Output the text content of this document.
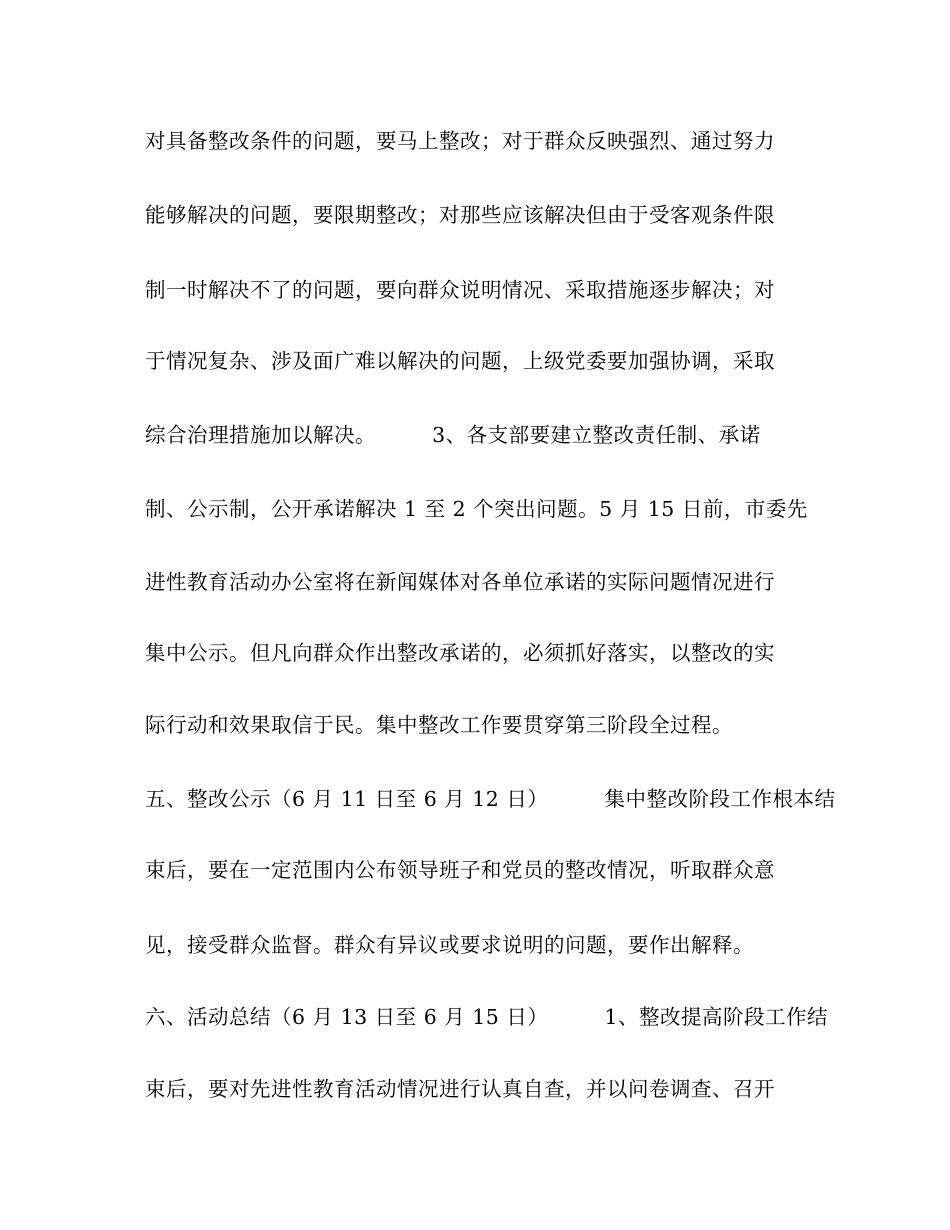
对具备整改条件的问题，要马上整改；对于群众反映强烈、通过努力
能够解决的问题，要限期整改；对那些应该解决但由于受客观条件限
制一时解决不了的问题，要向群众说明情况、采取措施逐步解决；对
于情况复杂、涉及面广难以解决的问题，上级党委要加强协调，采取
综合治理措施加以解决。        3、各支部要建立整改责任制、承诺
制、公示制，公开承诺解决 1 至 2 个突出问题。5 月 15 日前，市委先
进性教育活动办公室将在新闻媒体对各单位承诺的实际问题情况进行
集中公示。但凡向群众作出整改承诺的，必须抓好落实，以整改的实
际行动和效果取信于民。集中整改工作要贯穿第三阶段全过程。
五、整改公示（6 月 11 日至 6 月 12 日）        集中整改阶段工作根本结
束后，要在一定范围内公布领导班子和党员的整改情况，听取群众意
见，接受群众监督。群众有异议或要求说明的问题，要作出解释。
六、活动总结（6 月 13 日至 6 月 15 日）        1、整改提高阶段工作结
束后，要对先进性教育活动情况进行认真自查，并以问卷调查、召开
